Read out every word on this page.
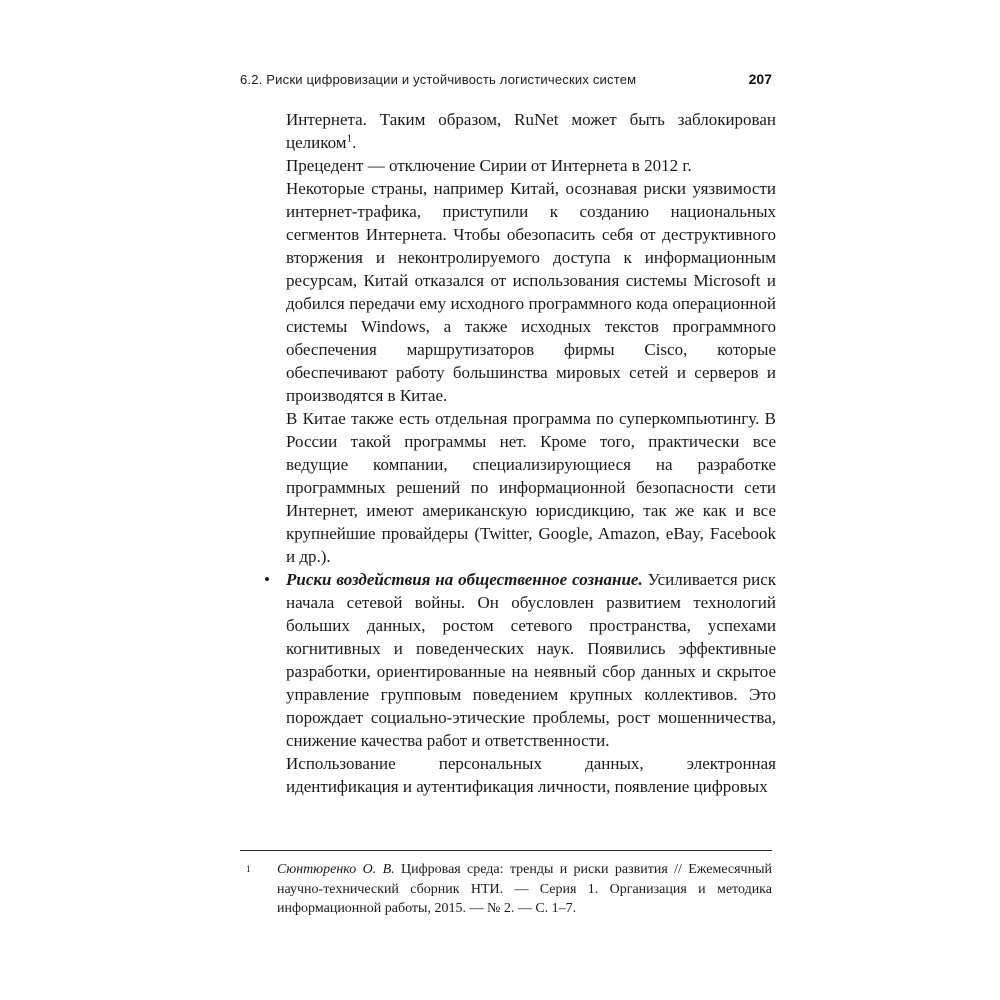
6.2. Риски цифровизации и устойчивость логистических систем	207

Интернета. Таким образом, RuNet может быть заблокирован целиком$^1$.

Прецедент — отключение Сирии от Интернета в 2012 г.

Некоторые страны, например Китай, осознавая риски уязвимости интернет-трафика, приступили к созданию национальных сегментов Интернета. Чтобы обезопасить себя от деструктивного вторжения и неконтролируемого доступа к информационным ресурсам, Китай отказался от использования системы Microsoft и добился передачи ему исходного программного кода операционной системы Windows, а также исходных текстов программного обеспечения маршрутизаторов фирмы Cisco, которые обеспечивают работу большинства мировых сетей и серверов и производятся в Китае.

В Китае также есть отдельная программа по суперкомпьютингу. В России такой программы нет. Кроме того, практически все ведущие компании, специализирующиеся на разработке программных решений по информационной безопасности сети Интернет, имеют американскую юрисдикцию, так же как и все крупнейшие провайдеры (Twitter, Google, Amazon, eBay, Facebook и др.).

• Риски воздействия на общественное сознание. Усиливается риск начала сетевой войны. Он обусловлен развитием технологий больших данных, ростом сетевого пространства, успехами когнитивных и поведенческих наук. Появились эффективные разработки, ориентированные на неявный сбор данных и скрытое управление групповым поведением крупных коллективов. Это порождает социально-этические проблемы, рост мошенничества, снижение качества работ и ответственности.

Использование персональных данных, электронная идентификация и аутентификация личности, появление цифровых

1 Сюнтюренко О. В. Цифровая среда: тренды и риски развития // Ежемесячный научно-технический сборник НТИ. — Серия 1. Организация и методика информационной работы, 2015. — № 2. — С. 1–7.
